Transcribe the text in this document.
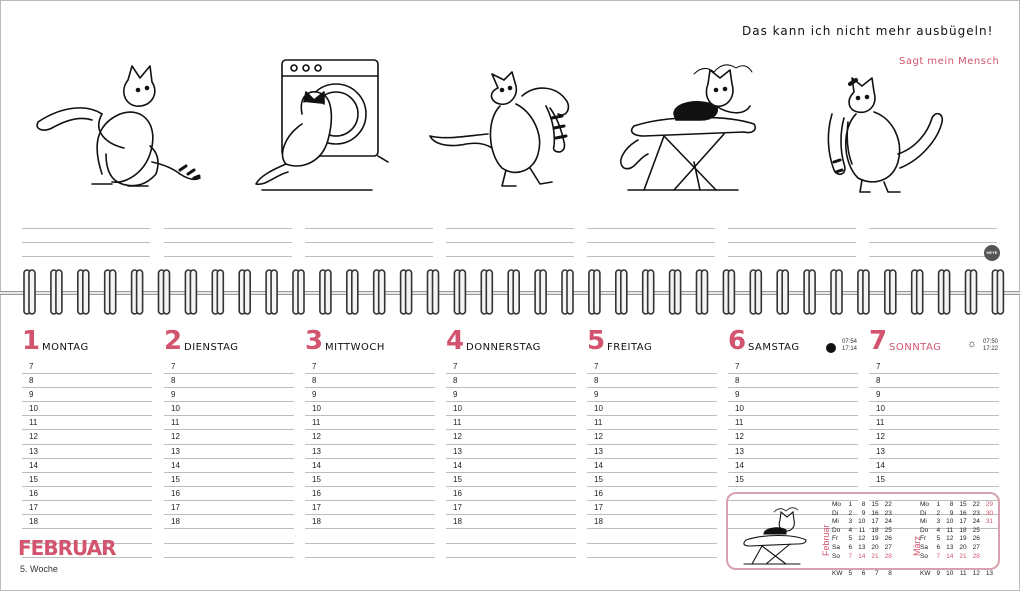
Das kann ich nicht mehr ausbügeln!
Sagt mein Mensch
HEYE
1 MONTAG
7
8
9
10
11
12
13
14
15
16
17
18
2 DIENSTAG
7
8
9
10
11
12
13
14
15
16
17
18
3 MITTWOCH
7
8
9
10
11
12
13
14
15
16
17
18
4 DONNERSTAG
7
8
9
10
11
12
13
14
15
16
17
18
5 FREITAG
7
8
9
10
11
12
13
14
15
16
17
18
6 SAMSTAG
7
8
9
10
11
12
13
14
15
7 SONNTAG
7
8
9
10
11
12
13
14
15
07:54
17:14	☼ 07:50
17:22
FEBRUAR
5. Woche
Februar
Mo	1	8	15	22
Di	2	9	16	23
Mi	3	10	17	24
Do	4	11	18	25
Fr	5	12	19	26
Sa	6	13	20	27
So	7	14	21	28

KW	5	6	7	8
März
Mo	1	8	15	22	29
Di	2	9	16	23	30
Mi	3	10	17	24	31
Do	4	11	18	25	
Fr	5	12	19	26	
Sa	6	13	20	27	
So	7	14	21	28	

KW	9	10	11	12	13
